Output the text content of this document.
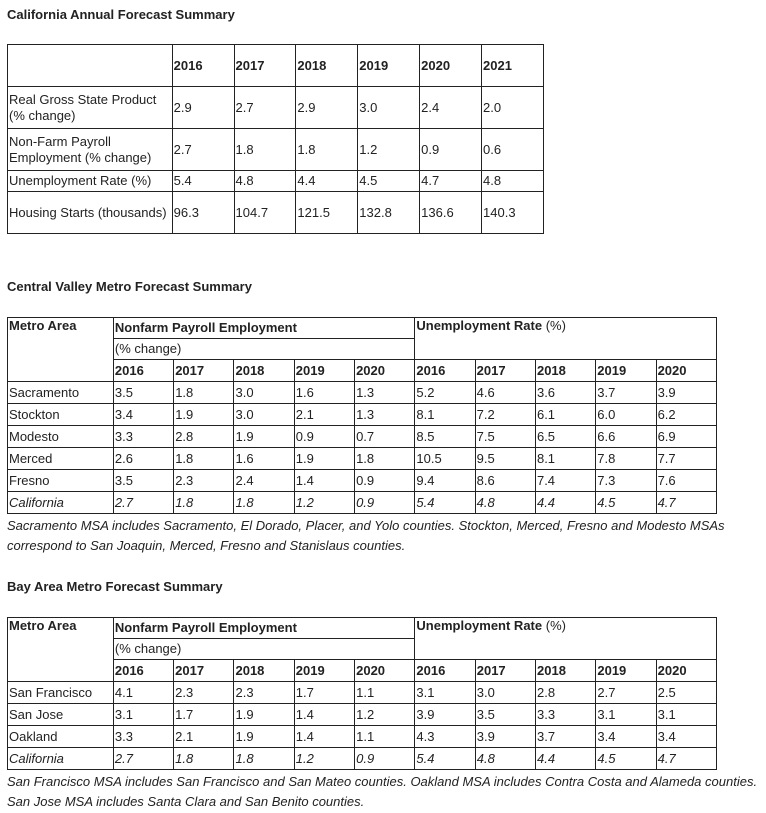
California Annual Forecast Summary
	2016	2017	2018	2019	2020	2021
Real Gross State Product (% change)	2.9	2.7	2.9	3.0	2.4	2.0
Non-Farm Payroll Employment (% change)	2.7	1.8	1.8	1.2	0.9	0.6
Unemployment Rate (%)	5.4	4.8	4.4	4.5	4.7	4.8
Housing Starts (thousands)	96.3	104.7	121.5	132.8	136.6	140.3
Central Valley Metro Forecast Summary
Metro Area	Nonfarm Payroll Employment					Unemployment Rate (%)				
	(% change)									
	2016	2017	2018	2019	2020	2016	2017	2018	2019	2020
Sacramento	3.5	1.8	3.0	1.6	1.3	5.2	4.6	3.6	3.7	3.9
Stockton	3.4	1.9	3.0	2.1	1.3	8.1	7.2	6.1	6.0	6.2
Modesto	3.3	2.8	1.9	0.9	0.7	8.5	7.5	6.5	6.6	6.9
Merced	2.6	1.8	1.6	1.9	1.8	10.5	9.5	8.1	7.8	7.7
Fresno	3.5	2.3	2.4	1.4	0.9	9.4	8.6	7.4	7.3	7.6
California	2.7	1.8	1.8	1.2	0.9	5.4	4.8	4.4	4.5	4.7
Sacramento MSA includes Sacramento, El Dorado, Placer, and Yolo counties. Stockton, Merced, Fresno and Modesto MSAs correspond to San Joaquin, Merced, Fresno and Stanislaus counties.
Bay Area Metro Forecast Summary
Metro Area	Nonfarm Payroll Employment					Unemployment Rate (%)				
	(% change)									
	2016	2017	2018	2019	2020	2016	2017	2018	2019	2020
San Francisco	4.1	2.3	2.3	1.7	1.1	3.1	3.0	2.8	2.7	2.5
San Jose	3.1	1.7	1.9	1.4	1.2	3.9	3.5	3.3	3.1	3.1
Oakland	3.3	2.1	1.9	1.4	1.1	4.3	3.9	3.7	3.4	3.4
California	2.7	1.8	1.8	1.2	0.9	5.4	4.8	4.4	4.5	4.7
San Francisco MSA includes San Francisco and San Mateo counties. Oakland MSA includes Contra Costa and Alameda counties. San Jose MSA includes Santa Clara and San Benito counties.
